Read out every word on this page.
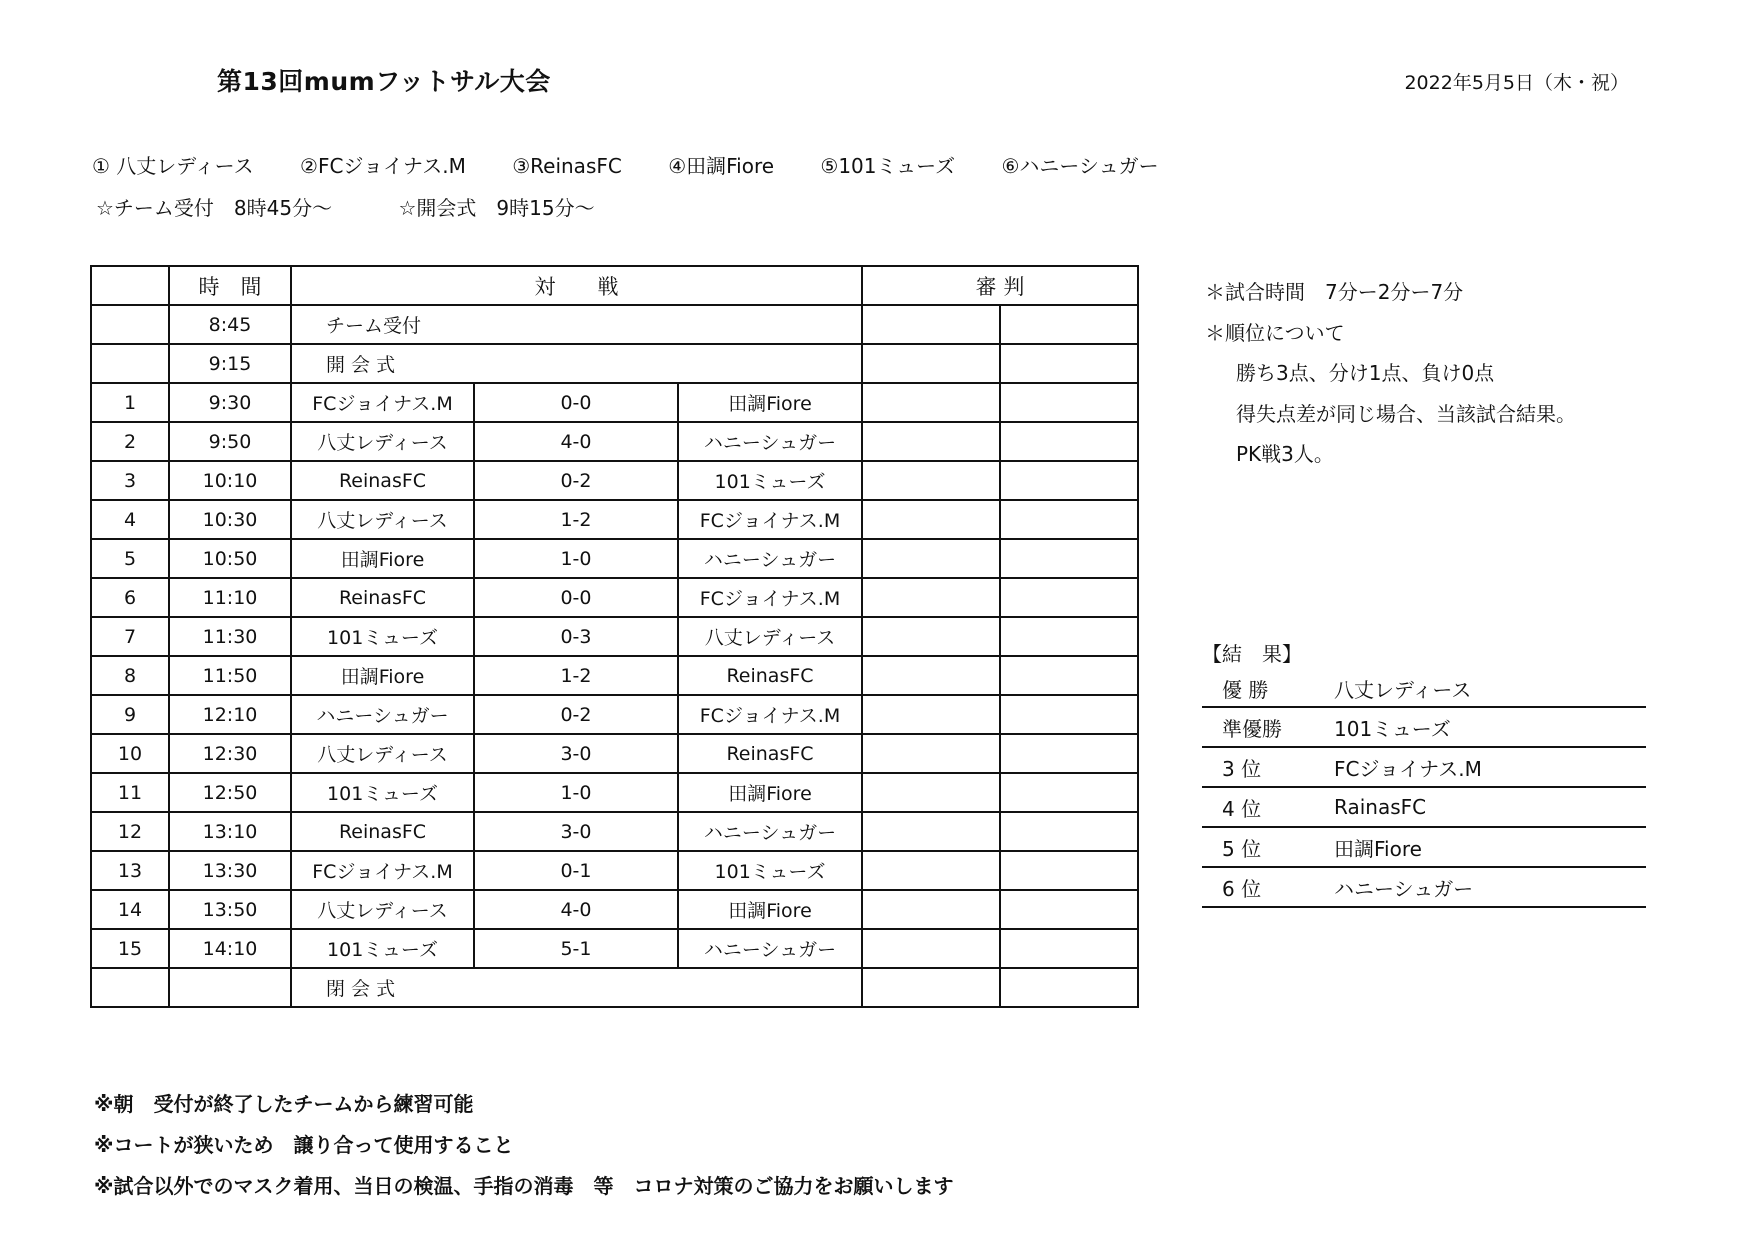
第13回mumフットサル大会	2022年5月5日（木・祝）
① 八丈レディース ②FCジョイナス.M ③ReinasFC ④田調Fiore ⑤101ミューズ ⑥ハニーシュガー
☆チーム受付　8時45分～	☆開会式　9時15分～
	時　間	対　　戦			審 判	
	8:45	チーム受付				
	9:15	開 会 式				
1	9:30	FCジョイナス.M	0-0	田調Fiore		
2	9:50	八丈レディース	4-0	ハニーシュガー		
3	10:10	ReinasFC	0-2	101ミューズ		
4	10:30	八丈レディース	1-2	FCジョイナス.M		
5	10:50	田調Fiore	1-0	ハニーシュガー		
6	11:10	ReinasFC	0-0	FCジョイナス.M		
7	11:30	101ミューズ	0-3	八丈レディース		
8	11:50	田調Fiore	1-2	ReinasFC		
9	12:10	ハニーシュガー	0-2	FCジョイナス.M		
10	12:30	八丈レディース	3-0	ReinasFC		
11	12:50	101ミューズ	1-0	田調Fiore		
12	13:10	ReinasFC	3-0	ハニーシュガー		
13	13:30	FCジョイナス.M	0-1	101ミューズ		
14	13:50	八丈レディース	4-0	田調Fiore		
15	14:10	101ミューズ	5-1	ハニーシュガー		
		閉 会 式				
＊試合時間　7分ー2分ー7分
＊順位について
勝ち3点、分け1点、負け0点
得失点差が同じ場合、当該試合結果。
PK戦3人。
【結　果】
優 勝	八丈レディース
準優勝	101ミューズ
3 位	FCジョイナス.M
4 位	RainasFC
5 位	田調Fiore
6 位	ハニーシュガー
※朝　受付が終了したチームから練習可能
※コートが狭いため　譲り合って使用すること
※試合以外でのマスク着用、当日の検温、手指の消毒　等　コロナ対策のご協力をお願いします
